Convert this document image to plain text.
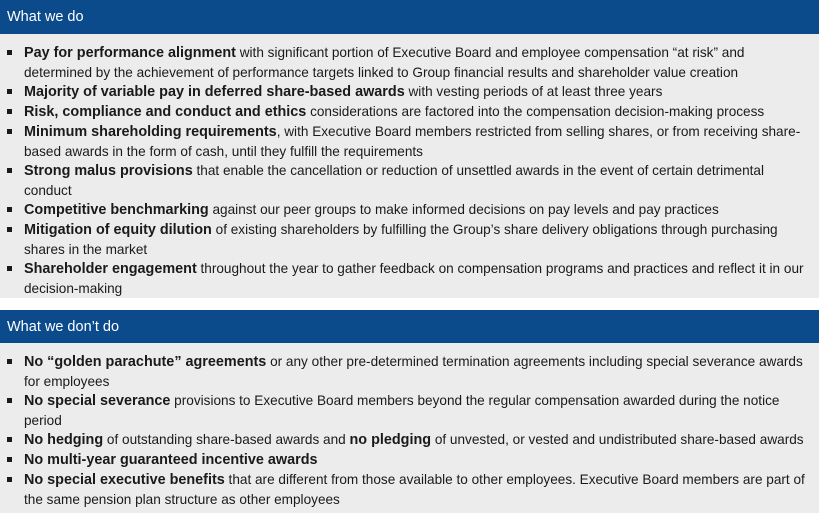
What we do
Pay for performance alignment with significant portion of Executive Board and employee compensation “at risk” and determined by the achievement of performance targets linked to Group financial results and shareholder value creation
Majority of variable pay in deferred share-based awards with vesting periods of at least three years
Risk, compliance and conduct and ethics considerations are factored into the compensation decision-making process
Minimum shareholding requirements, with Executive Board members restricted from selling shares, or from receiving share-based awards in the form of cash, until they fulfill the requirements
Strong malus provisions that enable the cancellation or reduction of unsettled awards in the event of certain detrimental conduct
Competitive benchmarking against our peer groups to make informed decisions on pay levels and pay practices
Mitigation of equity dilution of existing shareholders by fulfilling the Group’s share delivery obligations through purchasing shares in the market
Shareholder engagement throughout the year to gather feedback on compensation programs and practices and reflect it in our decision-making
What we don’t do
No “golden parachute” agreements or any other pre-determined termination agreements including special severance awards for employees
No special severance provisions to Executive Board members beyond the regular compensation awarded during the notice period
No hedging of outstanding share-based awards and no pledging of unvested, or vested and undistributed share-based awards
No multi-year guaranteed incentive awards
No special executive benefits that are different from those available to other employees. Executive Board members are part of the same pension plan structure as other employees
